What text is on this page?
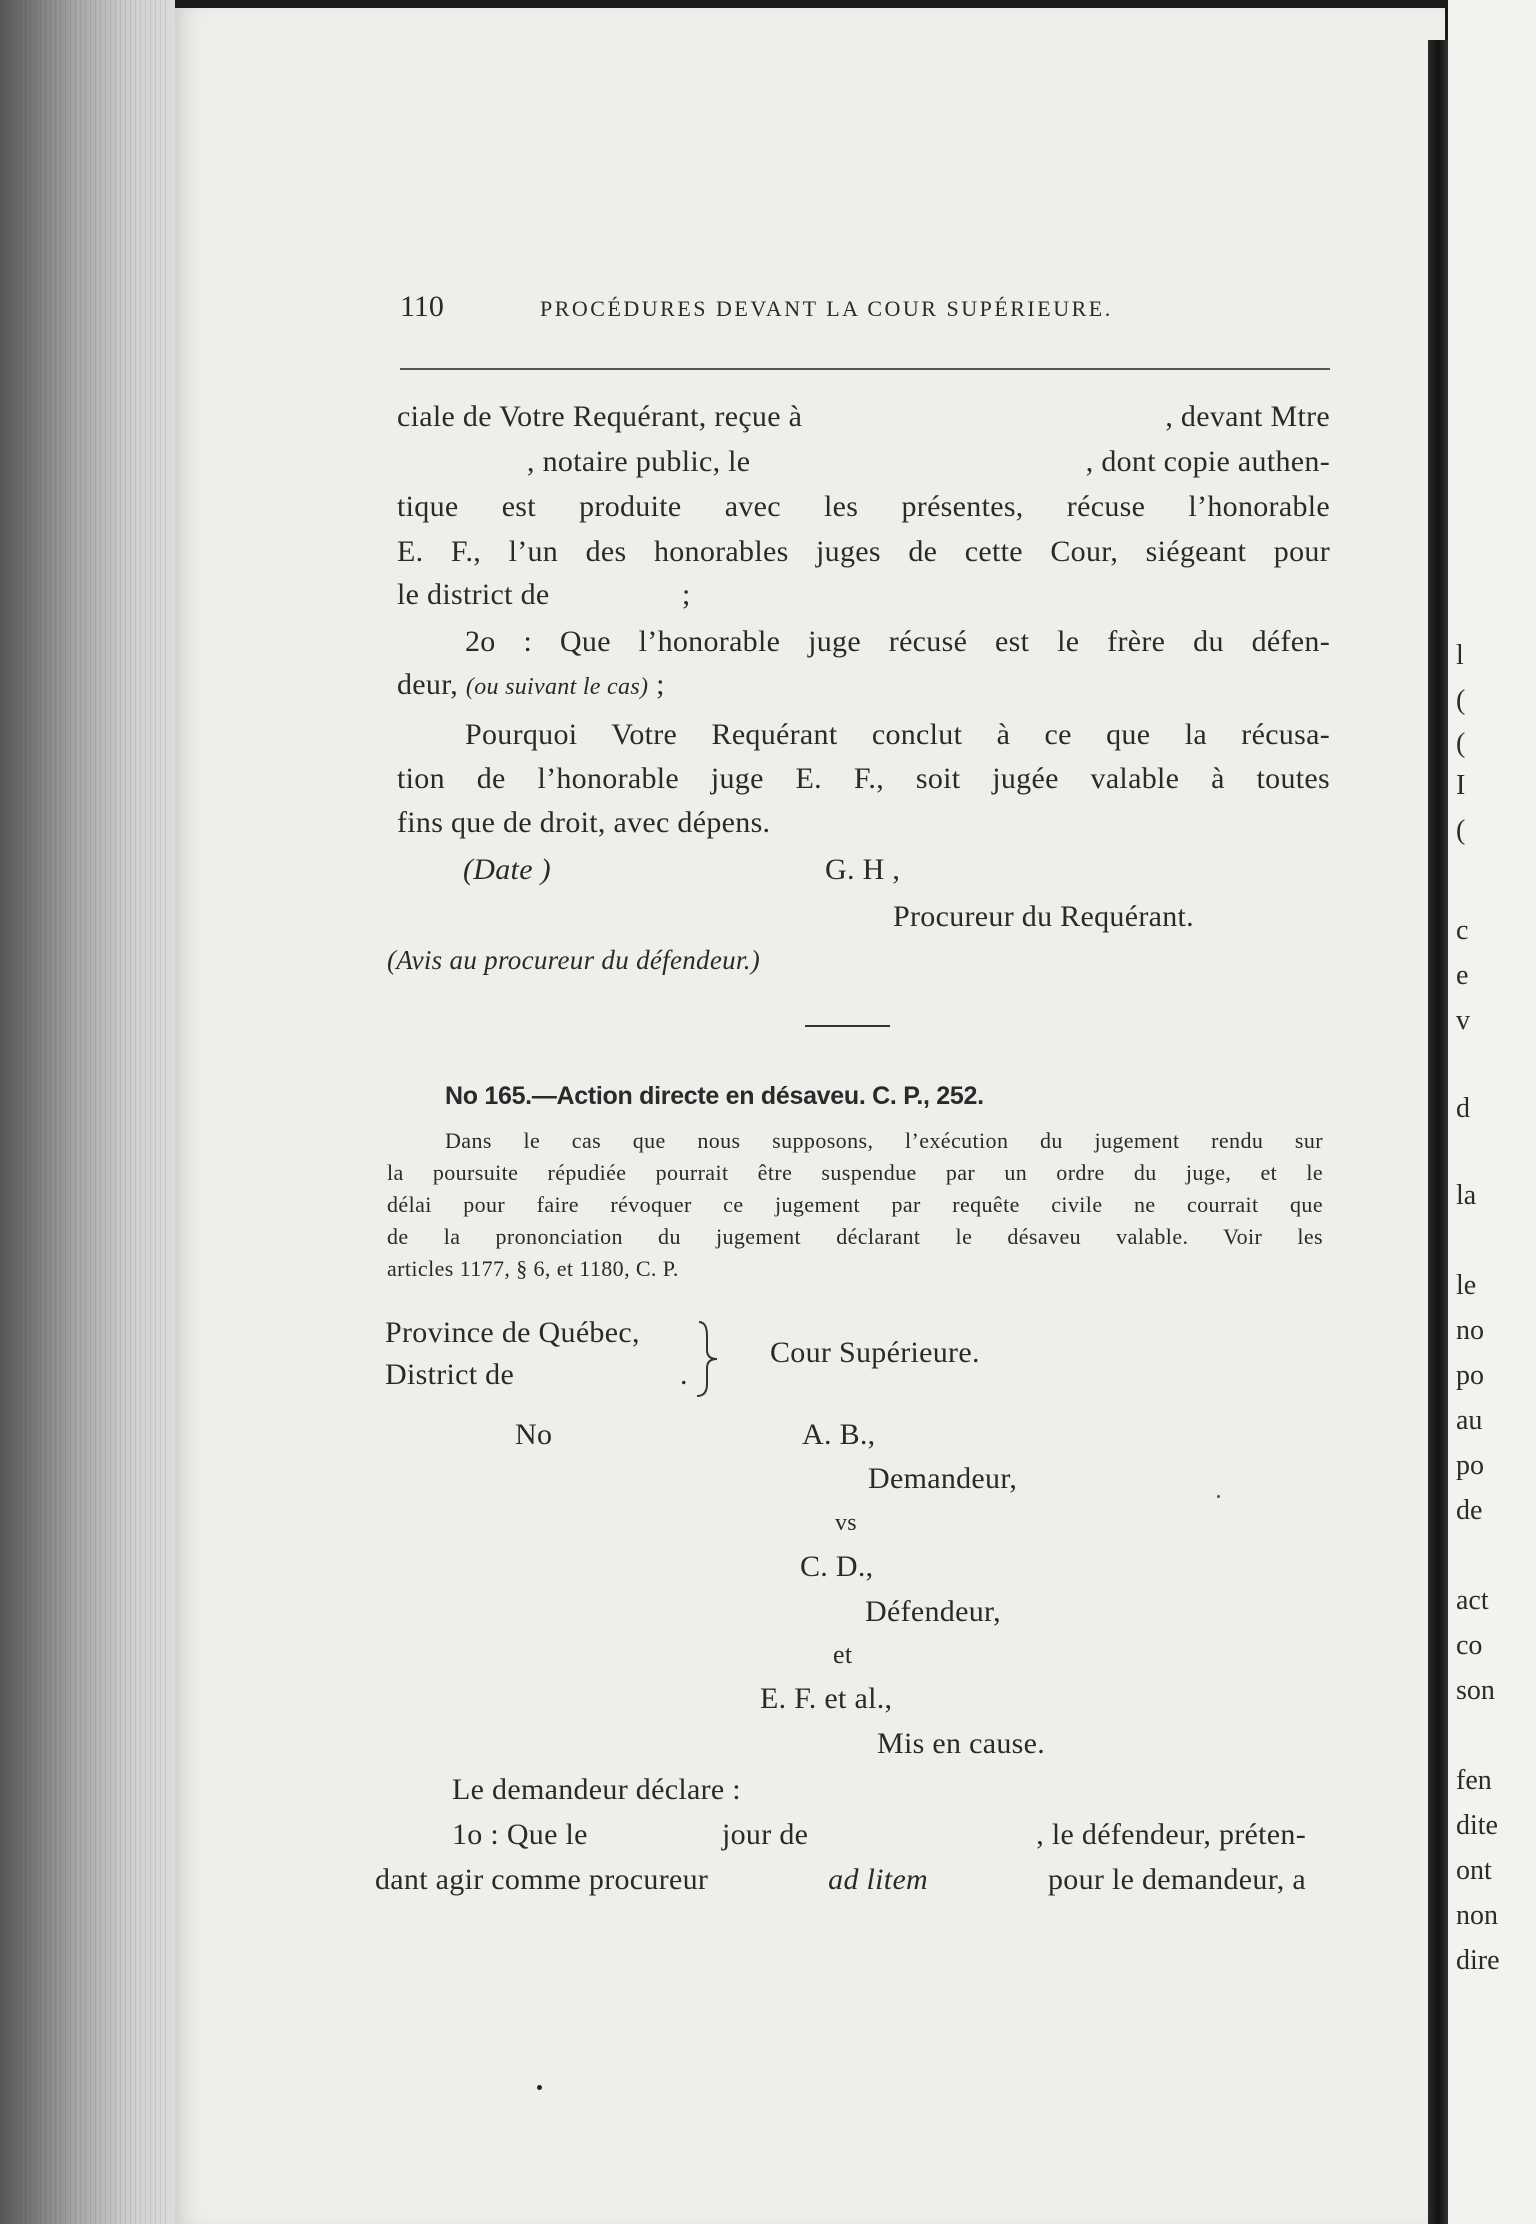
110	PROCÉDURES DEVANT LA COUR SUPÉRIEURE.
ciale de Votre Requérant, reçue à	, devant Mtre
, notaire public, le	, dont copie authen-
tique est produite avec les présentes, récuse l’honorable
E. F., l’un des honorables juges de cette Cour, siégeant pour
le district de	;
2o : Que l’honorable juge récusé est le frère du défen-
deur, (ou suivant le cas) ;
Pourquoi Votre Requérant conclut à ce que la récusa-
tion de l’honorable juge E. F., soit jugée valable à toutes
fins que de droit, avec dépens.
(Date )	G. H ,
Procureur du Requérant.
(Avis au procureur du défendeur.)
No 165.—Action directe en désaveu. C. P., 252.
Dans le cas que nous supposons, l’exécution du jugement rendu sur
la poursuite répudiée pourrait être suspendue par un ordre du juge, et le
délai pour faire révoquer ce jugement par requête civile ne courrait que
de la prononciation du jugement déclarant le désaveu valable. Voir les
articles 1177, § 6, et 1180, C. P.
Province de Québec,
District de	.
Cour Supérieure.
No	A. B.,
Demandeur,
vs
C. D.,
Défendeur,
et
E. F. et al.,
Mis en cause.
Le demandeur déclare :
1o : Que le	jour de	, le défendeur, préten-
dant agir comme procureur	ad litem	pour le demandeur, a
l
(
(
I
(
c
e
v
d
la
le
no
po
au
po
de
act
co
son
fen
dite
ont
non
dire
